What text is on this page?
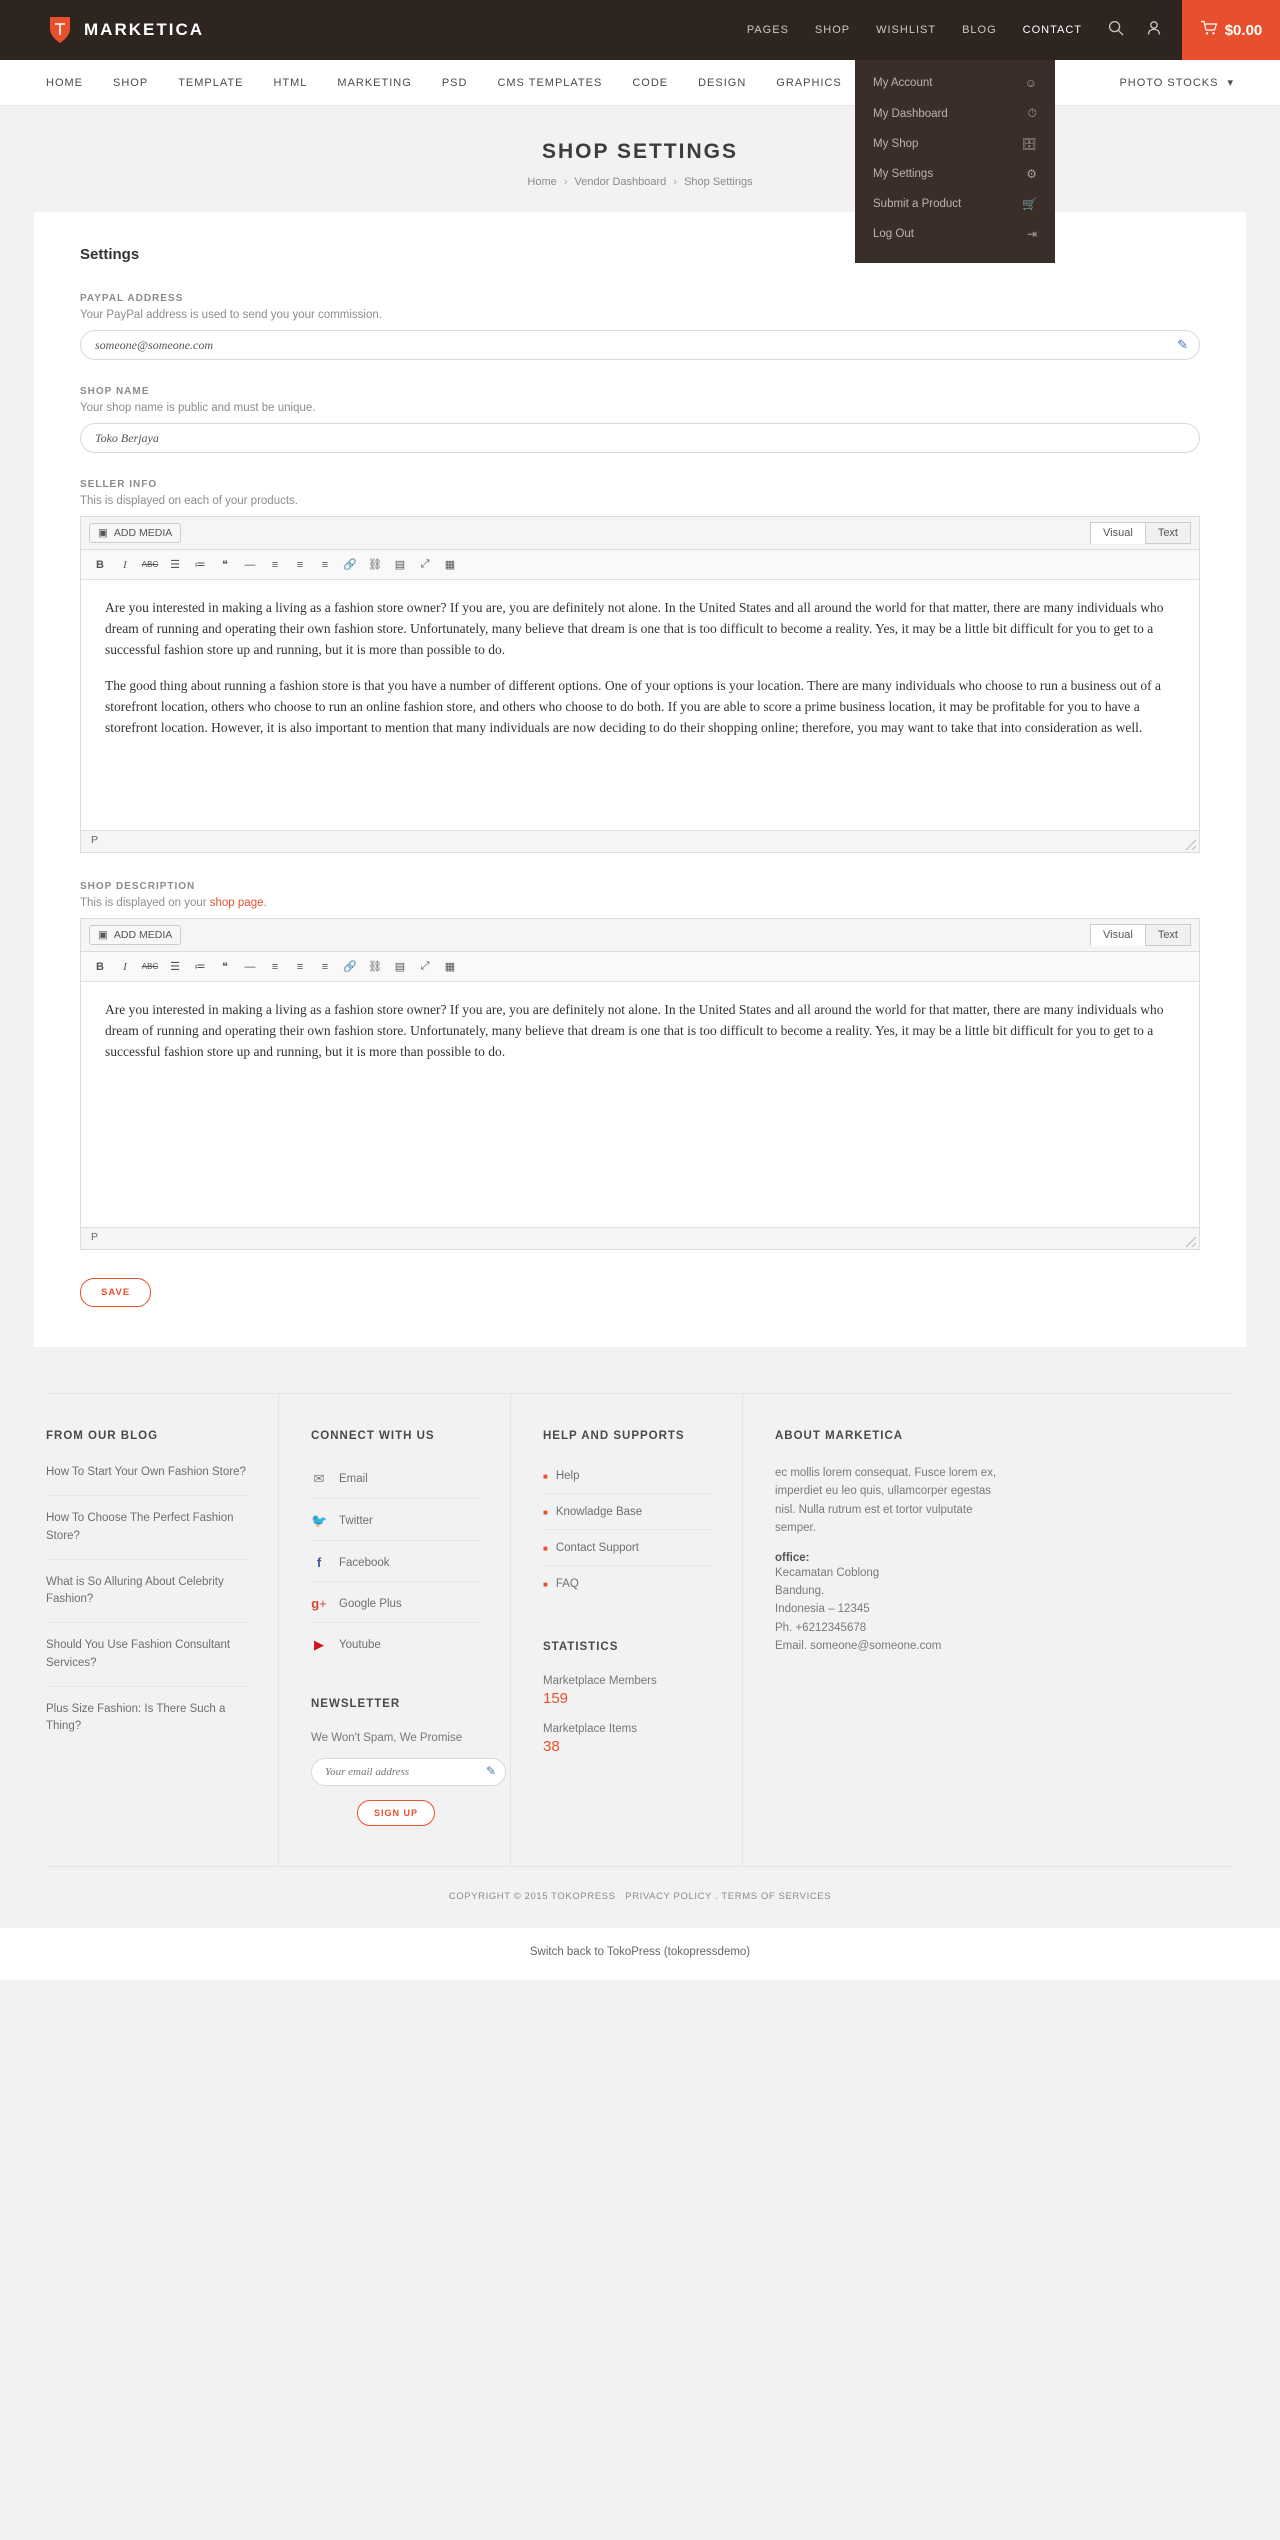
MARKETICA	PAGES SHOP WISHLIST BLOG CONTACT	$0.00
My Account	☺
My Dashboard	⏱
My Shop	🗄
My Settings	⚙
Submit a Product	🛒
Log Out	⇥
HOME	SHOP	TEMPLATE	HTML	MARKETING	PSD	CMS TEMPLATES	CODE	DESIGN	GRAPHICS	PHOTO STOCKS ▾
SHOP SETTINGS
Home › Vendor Dashboard › Shop Settings
Settings
PAYPAL ADDRESS
Your PayPal address is used to send you your commission.
someone@someone.com
✎
SHOP NAME
Your shop name is public and must be unique.
Toko Berjaya
SELLER INFO
This is displayed on each of your products.
▣ ADD MEDIA	Visual	Text
B	I	ABC	☰	≔	❝	—	≡	≡	≡	🔗	⛓	▤	⤢	▦

Are you interested in making a living as a fashion store owner? If you are, you are definitely not alone. In the United States and all around the world for that matter, there are many individuals who dream of running and operating their own fashion store. Unfortunately, many believe that dream is one that is too difficult to become a reality. Yes, it may be a little bit difficult for you to get to a successful fashion store up and running, but it is more than possible to do.

The good thing about running a fashion store is that you have a number of different options. One of your options is your location. There are many individuals who choose to run a business out of a storefront location, others who choose to run an online fashion store, and others who choose to do both. If you are able to score a prime business location, it may be profitable for you to have a storefront location. However, it is also important to mention that many individuals are now deciding to do their shopping online; therefore, you may want to take that into consideration as well.

P
SHOP DESCRIPTION
This is displayed on your shop page.
▣ ADD MEDIA	Visual	Text
B	I	ABC	☰	≔	❝	—	≡	≡	≡	🔗	⛓	▤	⤢	▦

Are you interested in making a living as a fashion store owner? If you are, you are definitely not alone. In the United States and all around the world for that matter, there are many individuals who dream of running and operating their own fashion store. Unfortunately, many believe that dream is one that is too difficult to become a reality. Yes, it may be a little bit difficult for you to get to a successful fashion store up and running, but it is more than possible to do.

P
SAVE
FROM OUR BLOG
How To Start Your Own Fashion Store?
How To Choose The Perfect Fashion Store?
What is So Alluring About Celebrity Fashion?
Should You Use Fashion Consultant Services?
Plus Size Fashion: Is There Such a Thing?
CONNECT WITH US
✉ Email
🐦 Twitter
f	Facebook
g+ Google Plus
▶ Youtube
NEWSLETTER

We Won't Spam, We Promise

Your email address
✎
SIGN UP
HELP AND SUPPORTS
■ Help
■ Knowladge Base
■ Contact Support
■ FAQ
STATISTICS
Marketplace Members
159
Marketplace Items
38
ABOUT MARKETICA
ec mollis lorem consequat. Fusce lorem ex, imperdiet eu leo quis, ullamcorper egestas nisl. Nulla rutrum est et tortor vulputate semper.
office:
Kecamatan Coblong
Bandung.
Indonesia – 12345
Ph. +6212345678
Email. someone@someone.com
COPYRIGHT © 2015 TOKOPRESS PRIVACY POLICY . TERMS OF SERVICES
Switch back to TokoPress (tokopressdemo)
